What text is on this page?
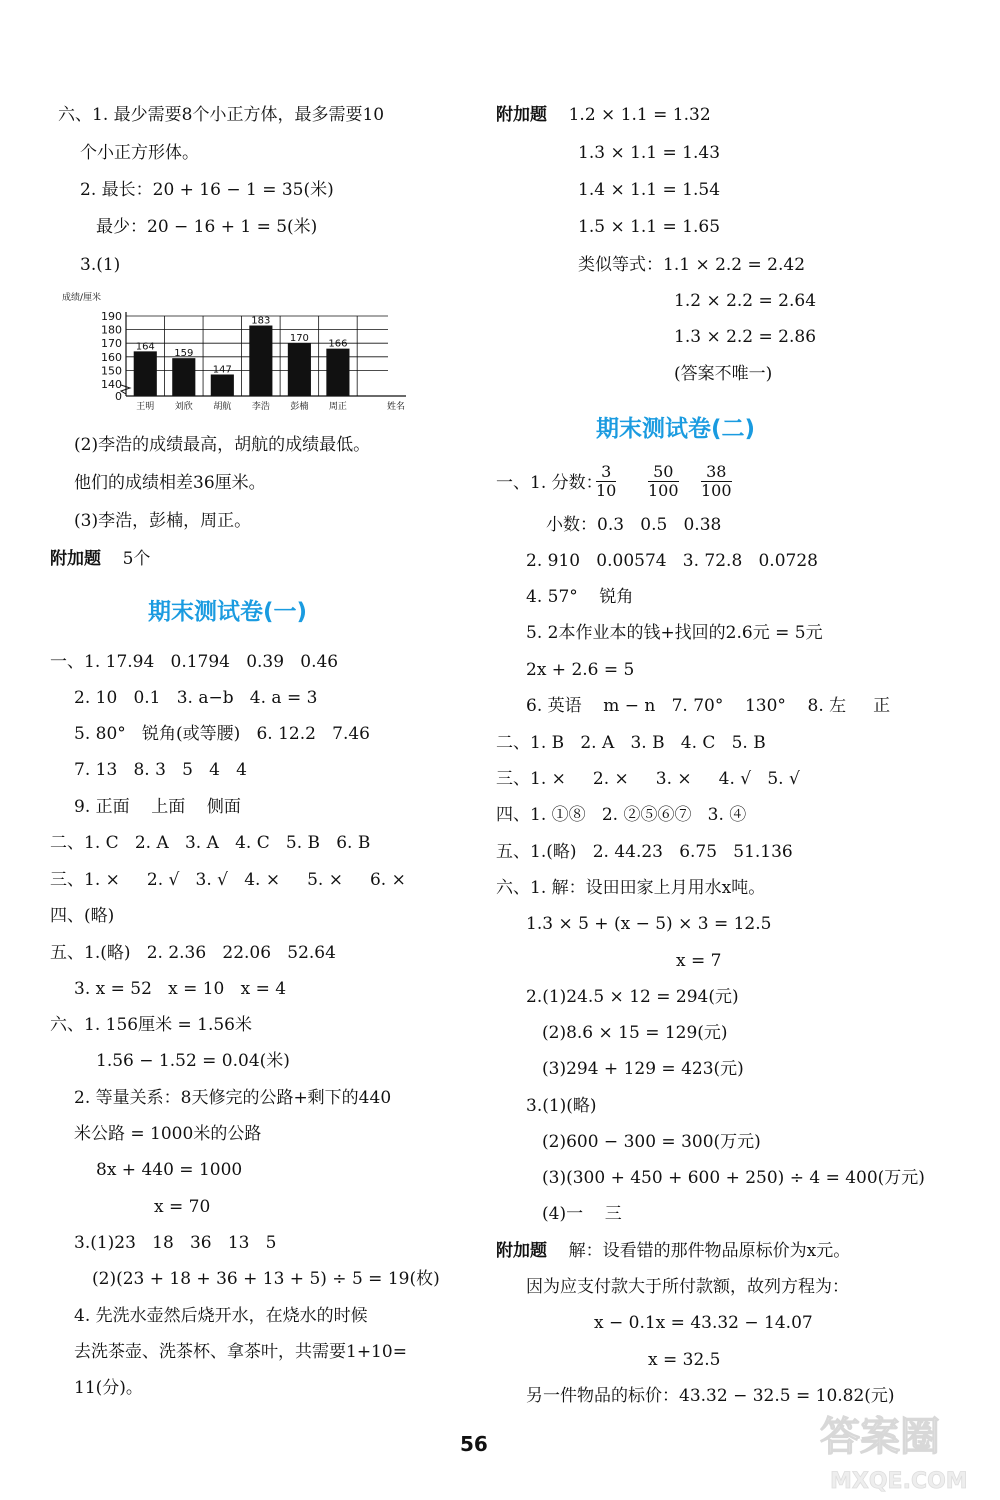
六、1. 最少需要8个小正方体，最多需要10
个小正方形体。
2. 最长：20 + 16 − 1 = 35(米)
最少：20 − 16 + 1 = 5(米)
3.(1)
(2)李浩的成绩最高，胡航的成绩最低。
他们的成绩相差36厘米。
(3)李浩，彭楠，周正。
附加题    5个
一、1. 17.94   0.1794   0.39   0.46
2. 10   0.1   3. a−b   4. a = 3
5. 80°   锐角(或等腰)   6. 12.2   7.46
7. 13   8. 3   5   4   4
9. 正面    上面    侧面
二、1. C   2. A   3. A   4. C   5. B   6. B
三、1. ×     2. √   3. √   4. ×     5. ×     6. ×
四、(略)
五、1.(略)   2. 2.36   22.06   52.64
3. x = 52   x = 10   x = 4
六、1. 156厘米 = 1.56米
1.56 − 1.52 = 0.04(米)
2. 等量关系：8天修完的公路+剩下的440
米公路 = 1000米的公路
8x + 440 = 1000
x = 70
3.(1)23   18   36   13   5
(2)(23 + 18 + 36 + 13 + 5) ÷ 5 = 19(枚)
4. 先洗水壶然后烧开水，在烧水的时候
去洗茶壶、洗茶杯、拿茶叶，共需要1+10=
11(分)。
附加题    1.2 × 1.1 = 1.32
1.3 × 1.1 = 1.43
1.4 × 1.1 = 1.54
1.5 × 1.1 = 1.65
类似等式：1.1 × 2.2 = 2.42
1.2 × 2.2 = 2.64
1.3 × 2.2 = 2.86
(答案不唯一)
一、1. 分数：
小数：0.3   0.5   0.38
2. 910   0.00574   3. 72.8   0.0728
4. 57°    锐角
5. 2本作业本的钱+找回的2.6元 = 5元
2x + 2.6 = 5
6. 英语    m − n   7. 70°    130°    8. 左     正
二、1. B   2. A   3. B   4. C   5. B
三、1. ×     2. ×     3. ×     4. √   5. √
四、1. ①⑧   2. ②⑤⑥⑦   3. ④
五、1.(略)   2. 44.23   6.75   51.136
六、1. 解：设田田家上月用水x吨。
1.3 × 5 + (x − 5) × 3 = 12.5
x = 7
2.(1)24.5 × 12 = 294(元)
(2)8.6 × 15 = 129(元)
(3)294 + 129 = 423(元)
3.(1)(略)
(2)600 − 300 = 300(万元)
(3)(300 + 450 + 600 + 250) ÷ 4 = 400(万元)
(4)一    三
附加题    解：设看错的那件物品原标价为x元。
因为应支付款大于所付款额，故列方程为：
x − 0.1x = 43.32 − 14.07
x = 32.5
另一件物品的标价：43.32 − 32.5 = 10.82(元)
期末测试卷(一)
期末测试卷(二)
$\frac{3}{10} \frac{50}{100} \frac{38}{100}$
成绩/厘米
140
150
160
170
180
190
0
164
王明
159
刘欣
147
胡航
183
李浩
170
彭楠
166
周正	姓名
56	答案圈
MXQE.COM
